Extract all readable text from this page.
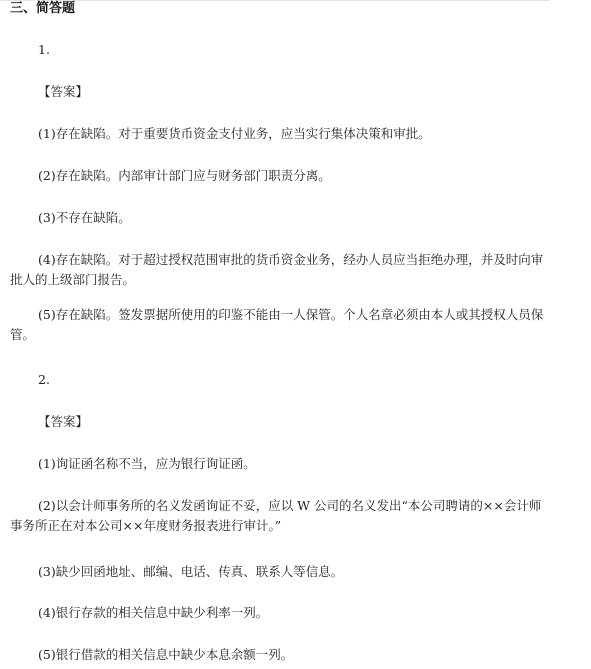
三、简答题
1.
【答案】
(1)存在缺陷。对于重要货币资金支付业务，应当实行集体决策和审批。
(2)存在缺陷。内部审计部门应与财务部门职责分离。
(3)不存在缺陷。
(4)存在缺陷。对于超过授权范围审批的货币资金业务，经办人员应当拒绝办理，并及时向审批人的上级部门报告。
(5)存在缺陷。签发票据所使用的印鉴不能由一人保管。个人名章必须由本人或其授权人员保管。
2.
【答案】
(1)询证函名称不当，应为银行询证函。
(2)以会计师事务所的名义发函询证不妥，应以 W 公司的名义发出“本公司聘请的××会计师事务所正在对本公司××年度财务报表进行审计。”
(3)缺少回函地址、邮编、电话、传真、联系人等信息。
(4)银行存款的相关信息中缺少利率一列。
(5)银行借款的相关信息中缺少本息余额一列。
